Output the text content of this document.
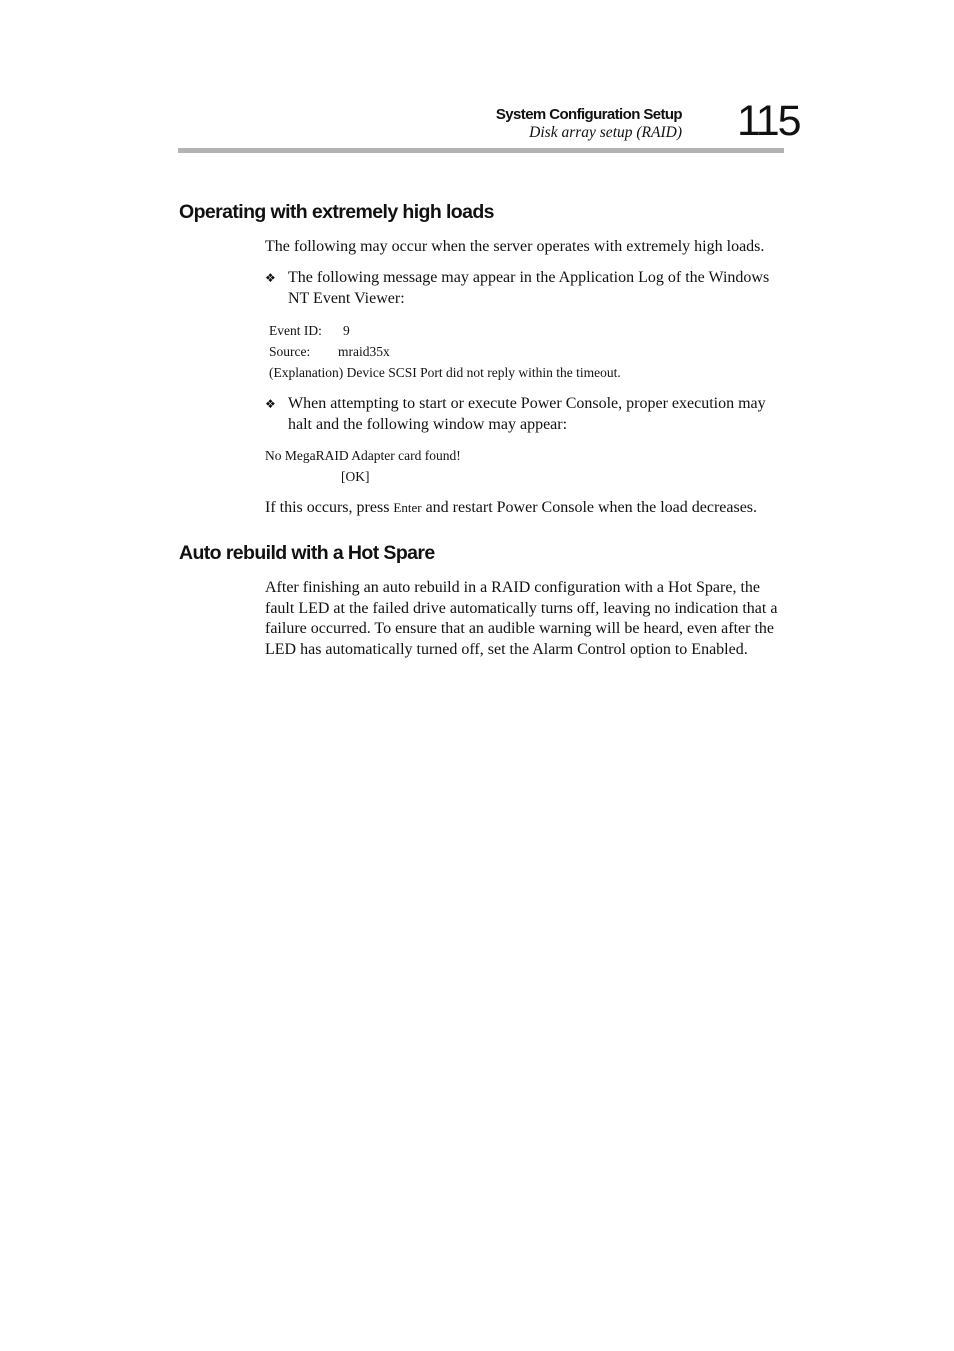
System Configuration Setup
Disk array setup (RAID) 115
Operating with extremely high loads

The following may occur when the server operates with extremely high loads.

❖ The following message may appear in the Application Log of the Windows NT Event Viewer:
Event ID: 9
Source: mraid35x
(Explanation) Device SCSI Port did not reply within the timeout.
❖ When attempting to start or execute Power Console, proper execution may halt and the following window may appear:
No MegaRAID Adapter card found!
[OK]

If this occurs, press Enter and restart Power Console when the load decreases.

Auto rebuild with a Hot Spare

After finishing an auto rebuild in a RAID configuration with a Hot Spare, the fault LED at the failed drive automatically turns off, leaving no indication that a failure occurred. To ensure that an audible warning will be heard, even after the LED has automatically turned off, set the Alarm Control option to Enabled.
